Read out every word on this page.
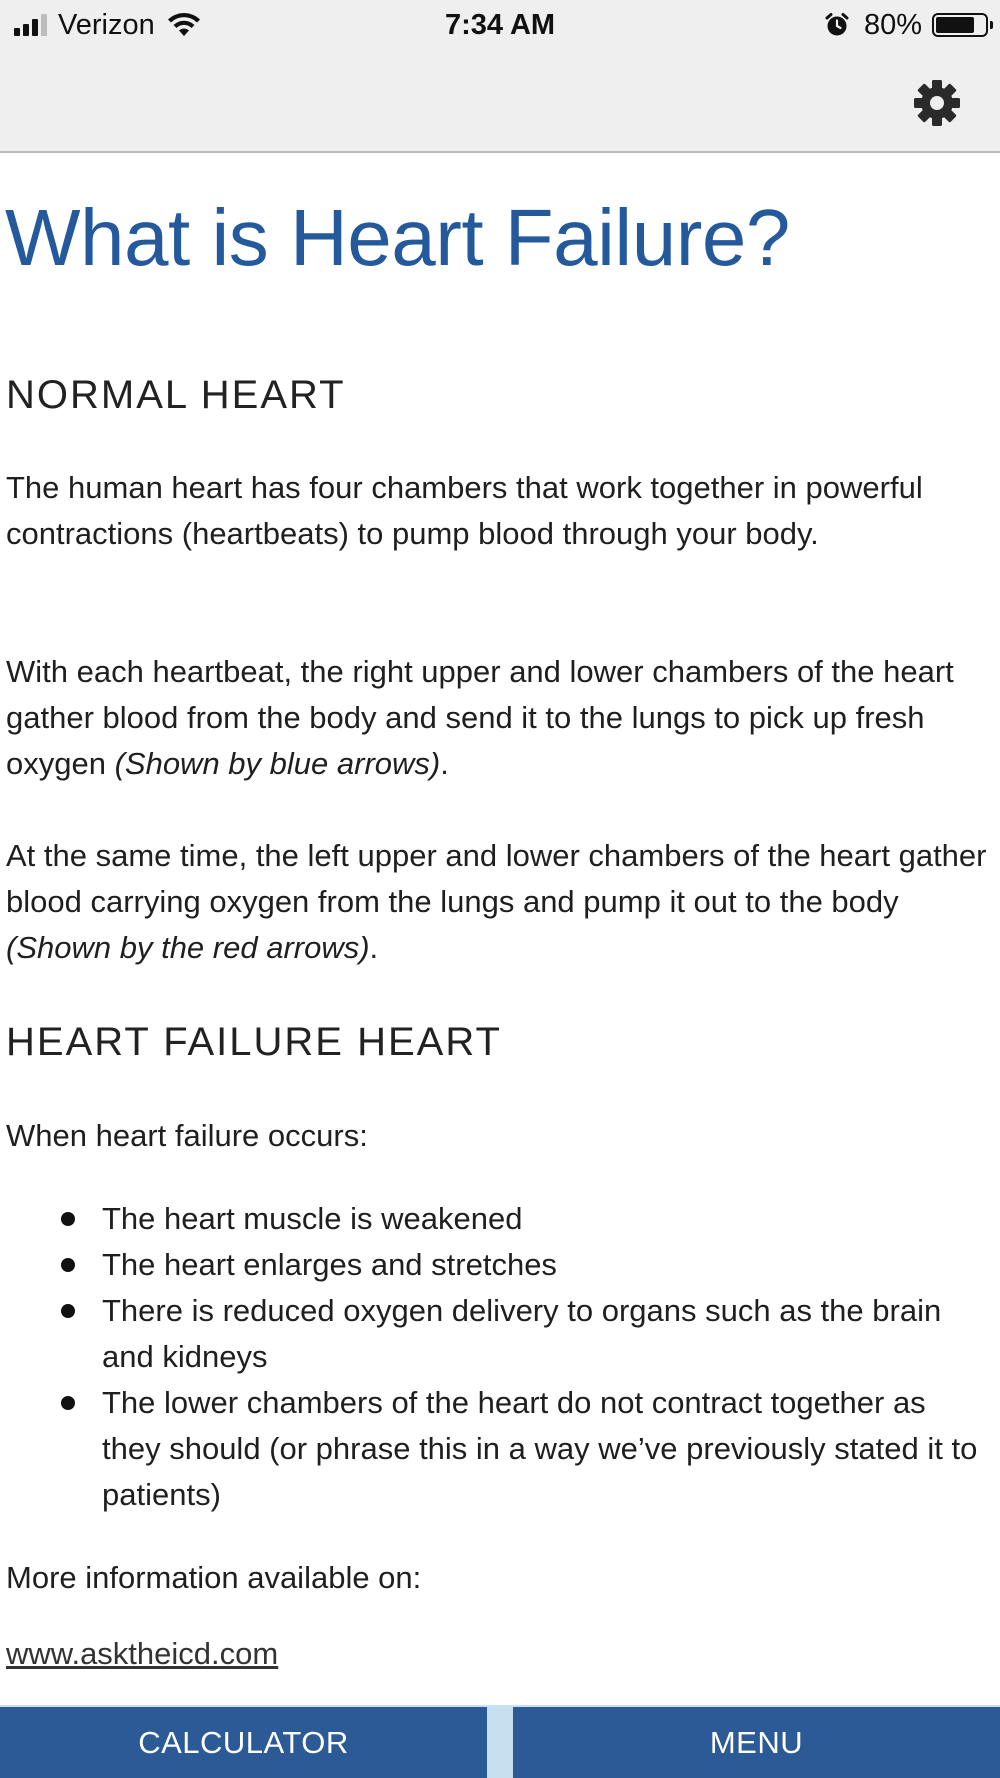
Verizon	7:34 AM	80%
What is Heart Failure?
NORMAL HEART

The human heart has four chambers that work together in powerful contractions (heartbeats) to pump blood through your body.

With each heartbeat, the right upper and lower chambers of the heart gather blood from the body and send it to the lungs to pick up fresh oxygen (Shown by blue arrows).

At the same time, the left upper and lower chambers of the heart gather blood carrying oxygen from the lungs and pump it out to the body (Shown by the red arrows).

HEART FAILURE HEART

When heart failure occurs:

The heart muscle is weakened
The heart enlarges and stretches
There is reduced oxygen delivery to organs such as the brain and kidneys
The lower chambers of the heart do not contract together as they should (or phrase this in a way we’ve previously stated it to patients)

More information available on:

www.asktheicd.com
CALCULATOR	MENU
